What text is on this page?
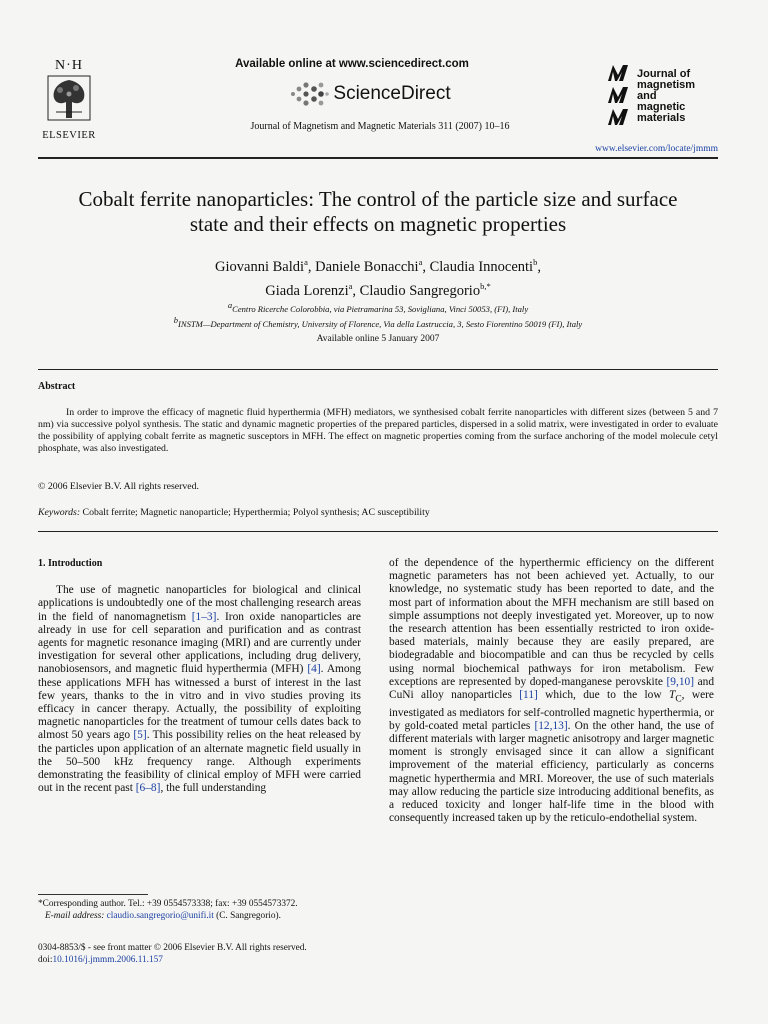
N·H
ELSEVIER
Available online at www.sciencedirect.com
ScienceDirect
Journal of Magnetism and Magnetic Materials 311 (2007) 10–16
Journal of
magnetism
and
magnetic
materials
www.elsevier.com/locate/jmmm
Cobalt ferrite nanoparticles: The control of the particle size and surface
state and their effects on magnetic properties
Giovanni Baldi$^a$, Daniele Bonacchi$^a$, Claudia Innocenti$^b$,
Giada Lorenzi$^a$, Claudio Sangregorio$^{b,*}$
$^a$Centro Ricerche Colorobbia, via Pietramarina 53, Sovigliana, Vinci 50053, (FI), Italy
$^b$INSTM—Department of Chemistry, University of Florence, Via della Lastruccia, 3, Sesto Fiorentino 50019 (FI), Italy
Available online 5 January 2007
Abstract
In order to improve the efficacy of magnetic fluid hyperthermia (MFH) mediators, we synthesised cobalt ferrite nanoparticles with different sizes (between 5 and 7 nm) via successive polyol synthesis. The static and dynamic magnetic properties of the prepared particles, dispersed in a solid matrix, were investigated in order to evaluate the possibility of applying cobalt ferrite as magnetic susceptors in MFH. The effect on magnetic properties coming from the surface anchoring of the model molecule cetyl phosphate, was also investigated.
© 2006 Elsevier B.V. All rights reserved.
Keywords: Cobalt ferrite; Magnetic nanoparticle; Hyperthermia; Polyol synthesis; AC susceptibility
1. Introduction
The use of magnetic nanoparticles for biological and clinical applications is undoubtedly one of the most challenging research areas in the field of nanomagnetism [1–3]. Iron oxide nanoparticles are already in use for cell separation and purification and as contrast agents for magnetic resonance imaging (MRI) and are currently under investigation for several other applications, including drug delivery, nanobiosensors, and magnetic fluid hyperthermia (MFH) [4]. Among these applications MFH has witnessed a burst of interest in the last few years, thanks to the in vitro and in vivo studies proving its efficacy in cancer therapy. Actually, the possibility of exploiting magnetic nanoparticles for the treatment of tumour cells dates back to almost 50 years ago [5]. This possibility relies on the heat released by the particles upon application of an alternate magnetic field usually in the 50–500 kHz frequency range. Although experiments demonstrating the feasibility of clinical employ of MFH were carried out in the recent past [6–8], the full understanding
of the dependence of the hyperthermic efficiency on the different magnetic parameters has not been achieved yet. Actually, to our knowledge, no systematic study has been reported to date, and the most part of information about the MFH mechanism are still based on simple assumptions not deeply investigated yet. Moreover, up to now the research attention has been essentially restricted to iron oxide-based materials, mainly because they are easily prepared, are biodegradable and biocompatible and can thus be recycled by cells using normal biochemical pathways for iron metabolism. Few exceptions are represented by doped-manganese perovskite [9,10] and CuNi alloy nanoparticles [11] which, due to the low $T_C$, were investigated as mediators for self-controlled magnetic hyperthermia, or by gold-coated metal particles [12,13]. On the other hand, the use of different materials with larger magnetic anisotropy and larger magnetic moment is strongly envisaged since it can allow a significant improvement of the material efficiency, particularly as concerns magnetic hyperthermia and MRI. Moreover, the use of such materials may allow reducing the particle size introducing additional benefits, as a reduced toxicity and longer half-life time in the blood with consequently increased taken up by the reticulo-endothelial system.
*Corresponding author. Tel.: +39 0554573338; fax: +39 0554573372.
E-mail address: claudio.sangregorio@unifi.it (C. Sangregorio).
0304-8853/$ - see front matter © 2006 Elsevier B.V. All rights reserved.
doi:10.1016/j.jmmm.2006.11.157
